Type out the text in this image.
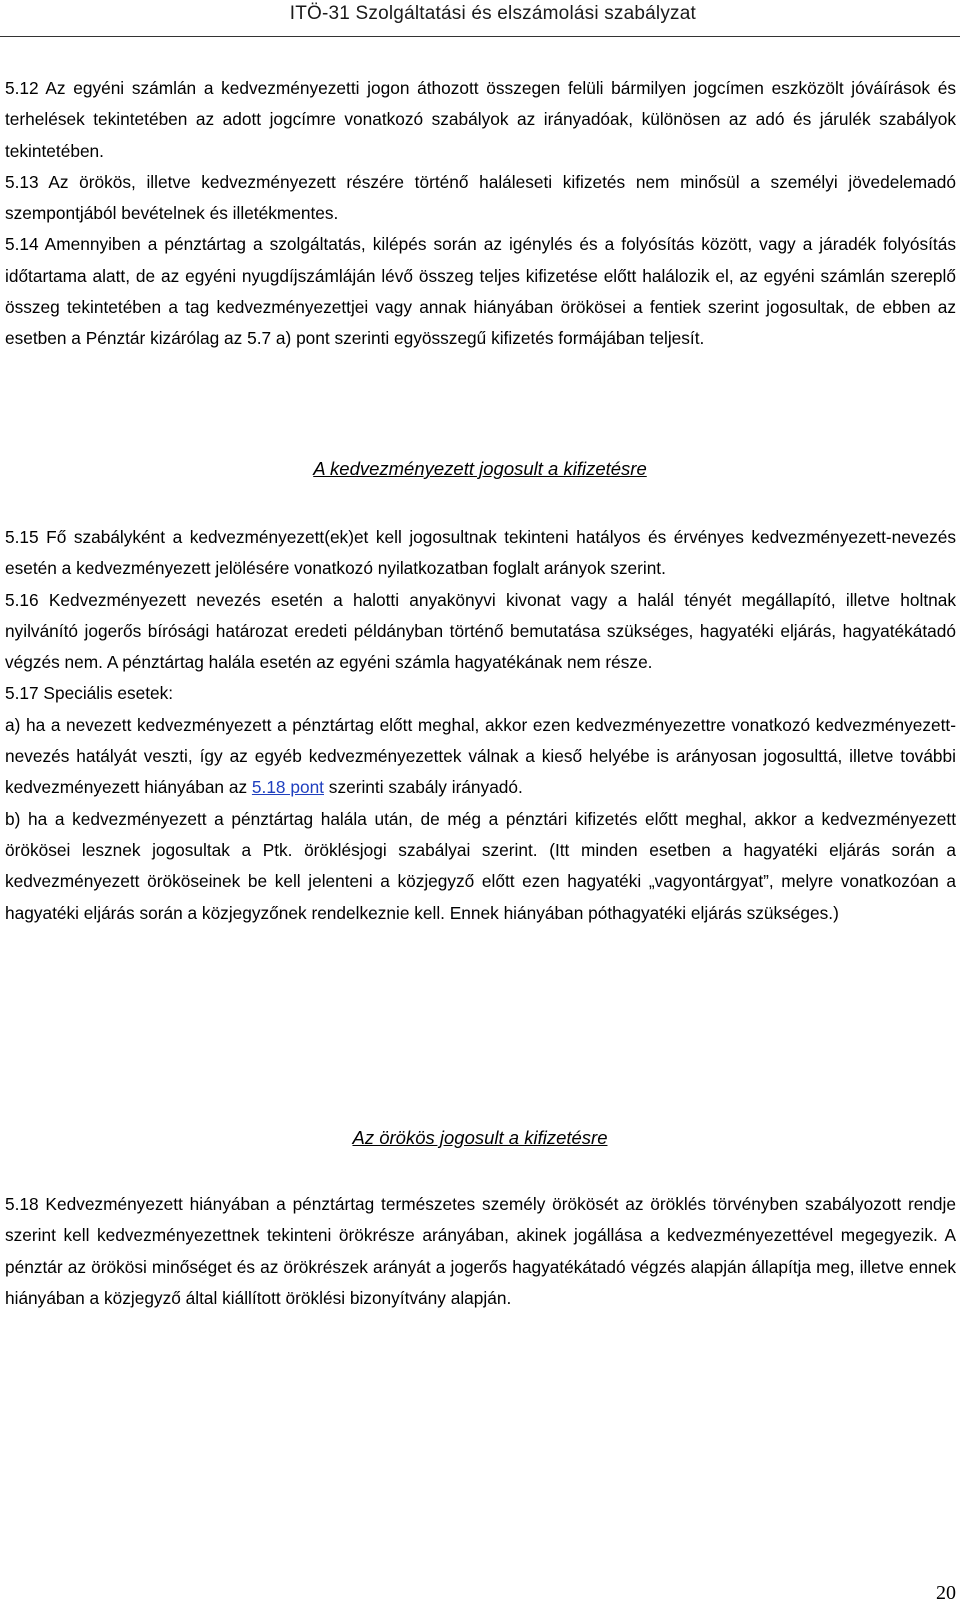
ITÖ-31 Szolgáltatási és elszámolási szabályzat

5.12 Az egyéni számlán a kedvezményezetti jogon áthozott összegen felüli bármilyen jogcímen eszközölt jóváírások és terhelések tekintetében az adott jogcímre vonatkozó szabályok az irányadóak, különösen az adó és járulék szabályok tekintetében.

5.13 Az örökös, illetve kedvezményezett részére történő haláleseti kifizetés nem minősül a személyi jövedelemadó szempontjából bevételnek és illetékmentes.

5.14 Amennyiben a pénztártag a szolgáltatás, kilépés során az igénylés és a folyósítás között, vagy a járadék folyósítás időtartama alatt, de az egyéni nyugdíjszámláján lévő összeg teljes kifizetése előtt halálozik el, az egyéni számlán szereplő összeg tekintetében a tag kedvezményezettjei vagy annak hiányában örökösei a fentiek szerint jogosultak, de ebben az esetben a Pénztár kizárólag az 5.7 a) pont szerinti egyösszegű kifizetés formájában teljesít.

A kedvezményezett jogosult a kifizetésre

5.15 Fő szabályként a kedvezményezett(ek)et kell jogosultnak tekinteni hatályos és érvényes kedvezményezett-nevezés esetén a kedvezményezett jelölésére vonatkozó nyilatkozatban foglalt arányok szerint.

5.16 Kedvezményezett nevezés esetén a halotti anyakönyvi kivonat vagy a halál tényét megállapító, illetve holtnak nyilvánító jogerős bírósági határozat eredeti példányban történő bemutatása szükséges, hagyatéki eljárás, hagyatékátadó végzés nem. A pénztártag halála esetén az egyéni számla hagyatékának nem része.

5.17 Speciális esetek:

a) ha a nevezett kedvezményezett a pénztártag előtt meghal, akkor ezen kedvezményezettre vonatkozó kedvezményezett-nevezés hatályát veszti, így az egyéb kedvezményezettek válnak a kieső helyébe is arányosan jogosulttá, illetve további kedvezményezett hiányában az 5.18 pont szerinti szabály irányadó.

b) ha a kedvezményezett a pénztártag halála után, de még a pénztári kifizetés előtt meghal, akkor a kedvezményezett örökösei lesznek jogosultak a Ptk. öröklésjogi szabályai szerint. (Itt minden esetben a hagyatéki eljárás során a kedvezményezett örököseinek be kell jelenteni a közjegyző előtt ezen hagyatéki „vagyontárgyat”, melyre vonatkozóan a hagyatéki eljárás során a közjegyzőnek rendelkeznie kell. Ennek hiányában póthagyatéki eljárás szükséges.)

Az örökös jogosult a kifizetésre

5.18 Kedvezményezett hiányában a pénztártag természetes személy örökösét az öröklés törvényben szabályozott rendje szerint kell kedvezményezettnek tekinteni örökrésze arányában, akinek jogállása a kedvezményezettével megegyezik. A pénztár az örökösi minőséget és az örökrészek arányát a jogerős hagyatékátadó végzés alapján állapítja meg, illetve ennek hiányában a közjegyző által kiállított öröklési bizonyítvány alapján.

20
